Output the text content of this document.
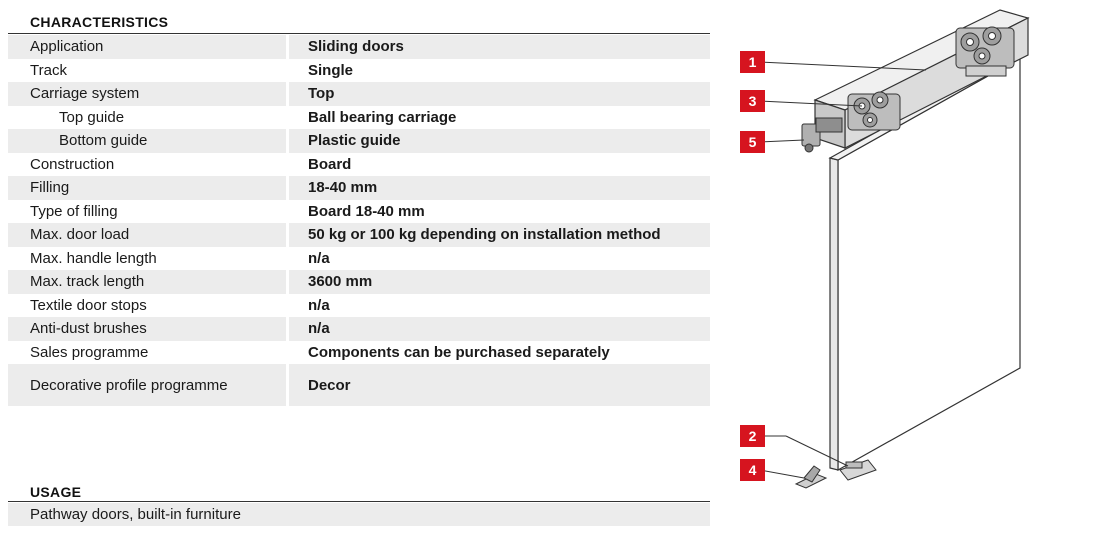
CHARACTERISTICS
Application		Sliding doors
Track		Single
Carriage system		Top
Top guide		Ball bearing carriage
Bottom guide		Plastic guide
Construction		Board
Filling		18-40 mm
Type of filling		Board 18-40 mm
Max. door load		50 kg or 100 kg depending on installation method
Max. handle length		n/a
Max. track length		3600 mm
Textile door stops		n/a
Anti-dust brushes		n/a
Sales programme		Components can be purchased separately
Decorative profile programme		Decor
USAGE
Pathway doors, built-in furniture
1
3
5
2
4
